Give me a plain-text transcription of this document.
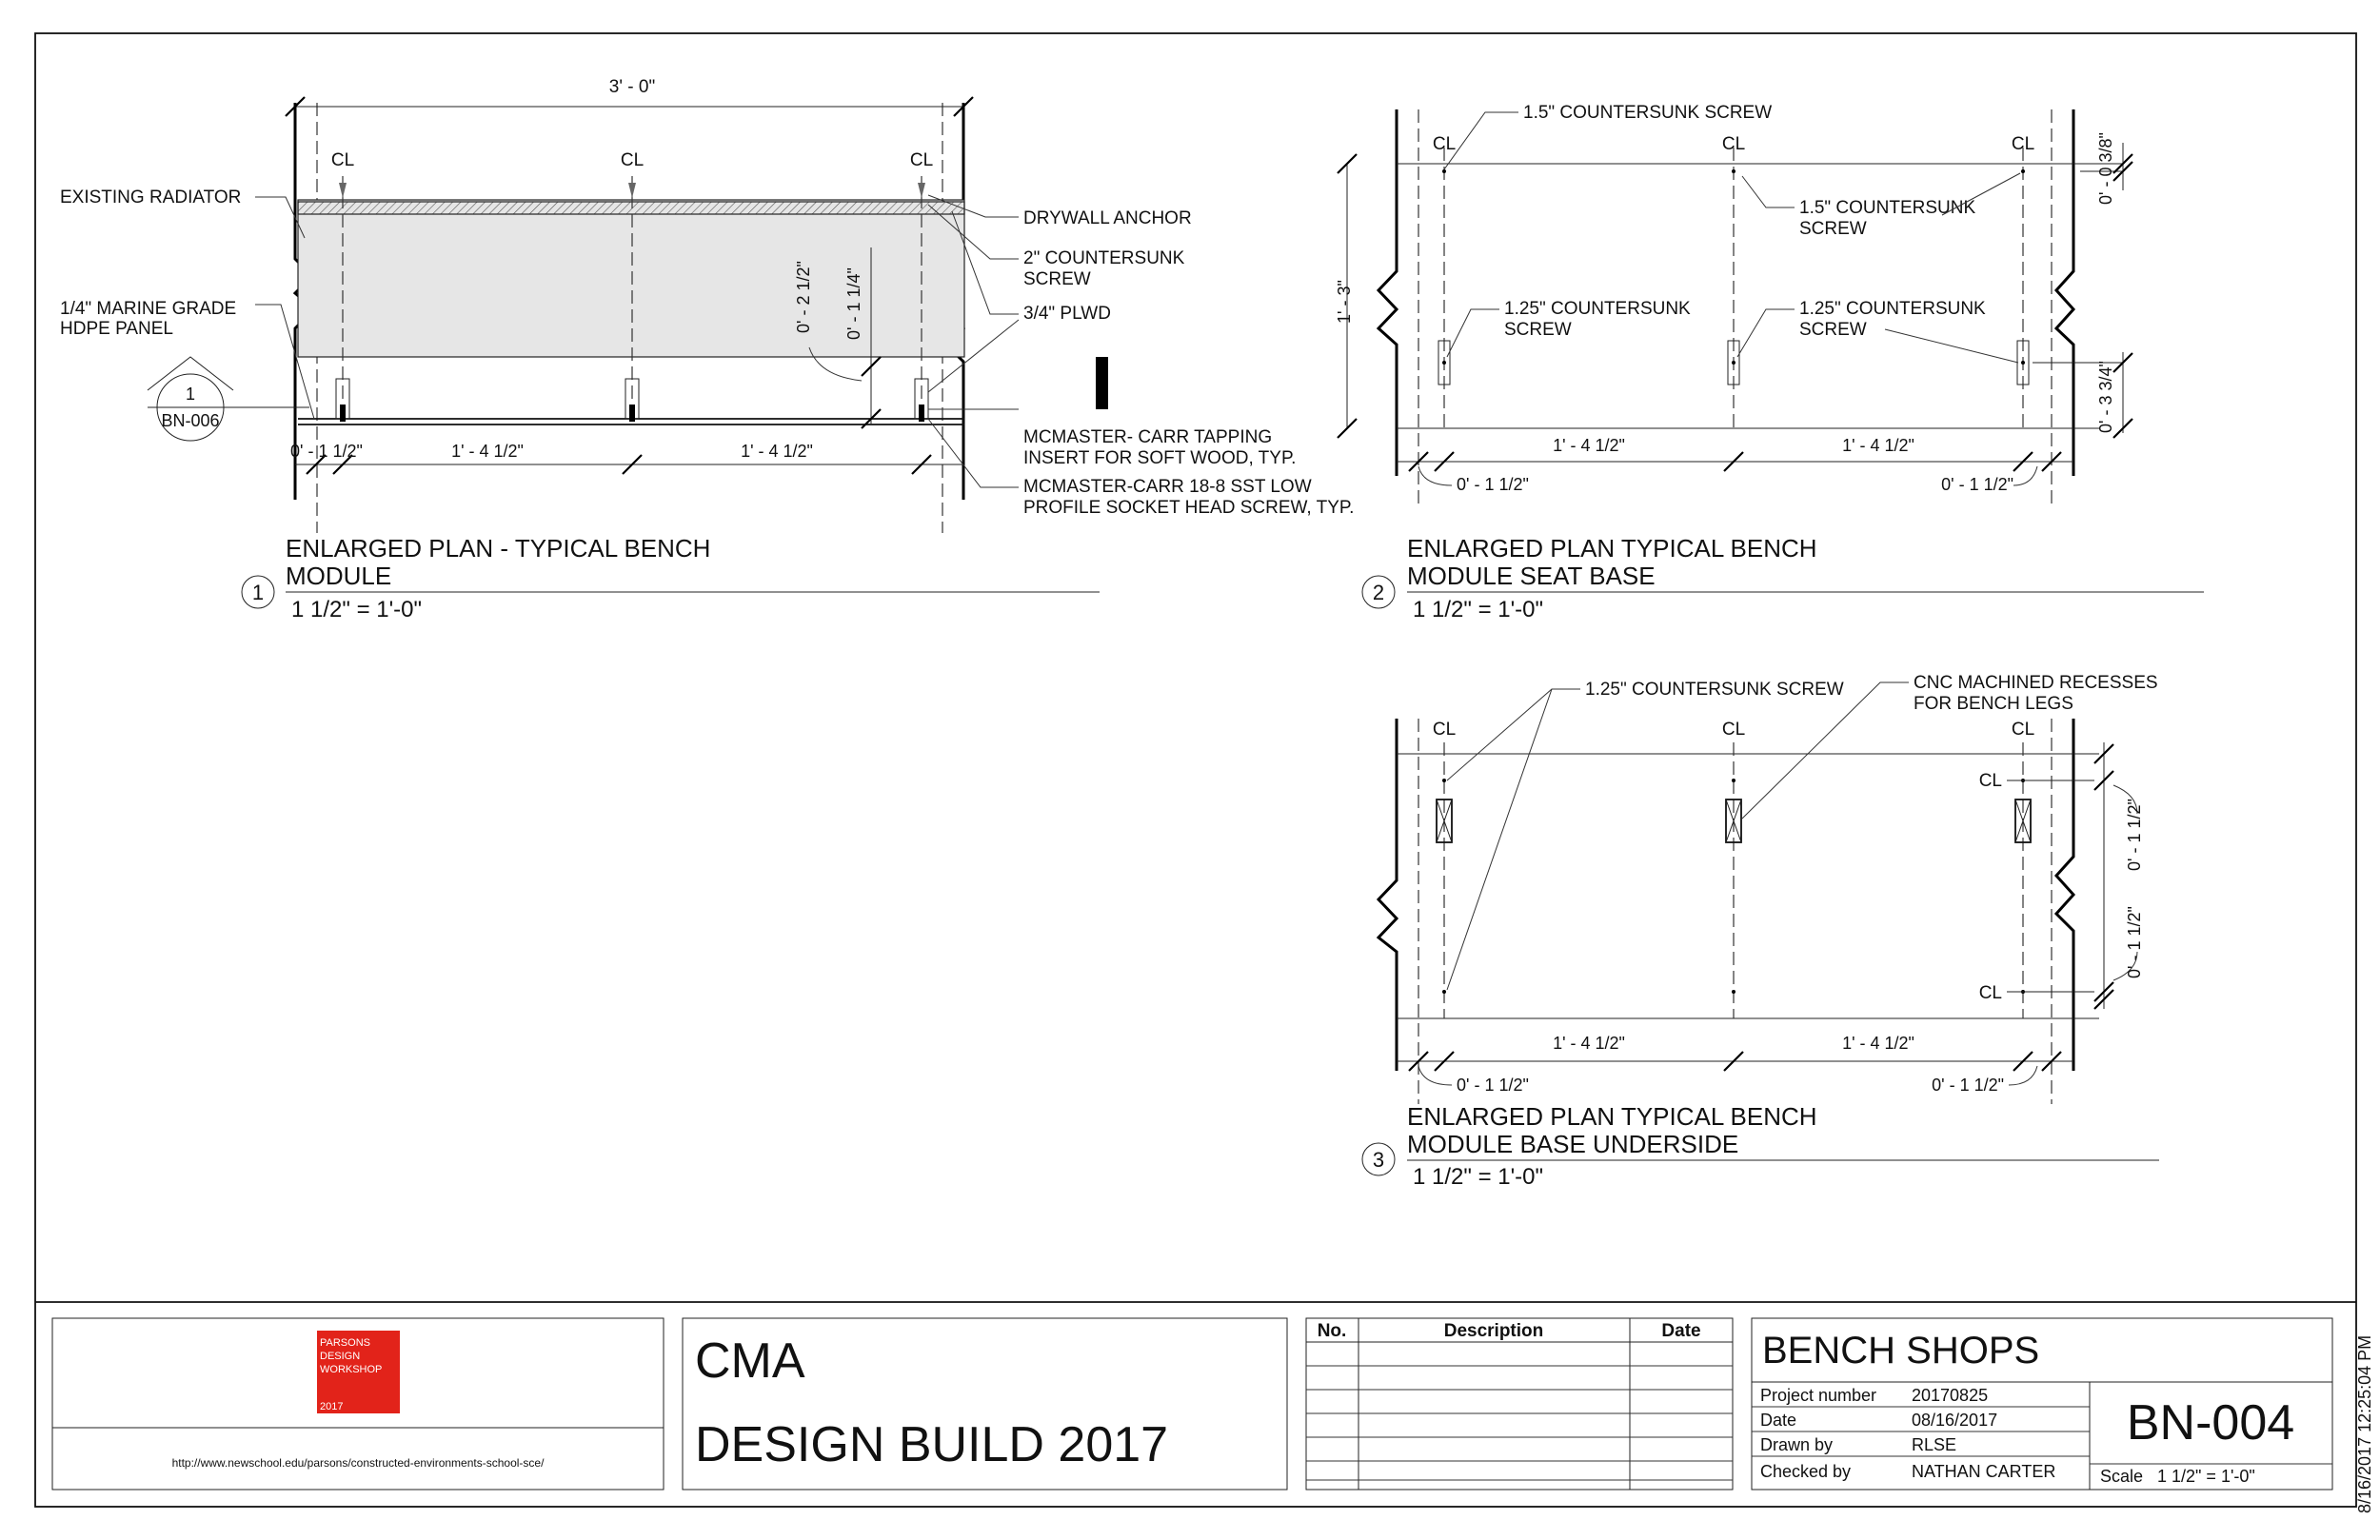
3' - 0"
CL	CL	CL
0' - 1 1/2"	1' - 4 1/2"	1' - 4 1/2"
0' - 2 1/2" 0' - 1 1/4"
EXISTING RADIATOR
1/4" MARINE GRADE
HDPE PANEL
1
BN-006
DRYWALL ANCHOR
2" COUNTERSUNK
SCREW
3/4" PLWD
MCMASTER- CARR TAPPING
INSERT FOR SOFT WOOD, TYP.
MCMASTER-CARR 18-8 SST LOW
PROFILE SOCKET HEAD SCREW, TYP.
1
ENLARGED PLAN - TYPICAL BENCH
MODULE
1 1/2" = 1'-0"
CL	CL	CL
1' - 3"
1' - 4 1/2"	1' - 4 1/2"
0' - 1 1/2"	0' - 1 1/2"
0' - 0 3/8"
0' - 3 3/4"
1.5" COUNTERSUNK SCREW
1.5" COUNTERSUNK
SCREW
1.25" COUNTERSUNK
SCREW
1.25" COUNTERSUNK
SCREW
2
ENLARGED PLAN TYPICAL BENCH
MODULE SEAT BASE
1 1/2" = 1'-0"
CL	CL	CL
CL
CL
0' - 1 1/2"
0' - 1 1/2"
1' - 4 1/2"	1' - 4 1/2"
0' - 1 1/2"	0' - 1 1/2"
1.25" COUNTERSUNK SCREW	CNC MACHINED RECESSES
FOR BENCH LEGS
3
ENLARGED PLAN TYPICAL BENCH
MODULE BASE UNDERSIDE
1 1/2" = 1'-0"
PARSONS
DESIGN
WORKSHOP
2017
http://www.newschool.edu/parsons/constructed-environments-school-sce/
CMA
DESIGN BUILD 2017
No.	Description	Date BENCH SHOPS
Project number 20170825
Date	08/16/2017
Drawn by	RLSE
Checked by	NATHAN CARTER
BN-004
Scale 1 1/2" = 1'-0"	8/16/2017 12:25:04 PM
